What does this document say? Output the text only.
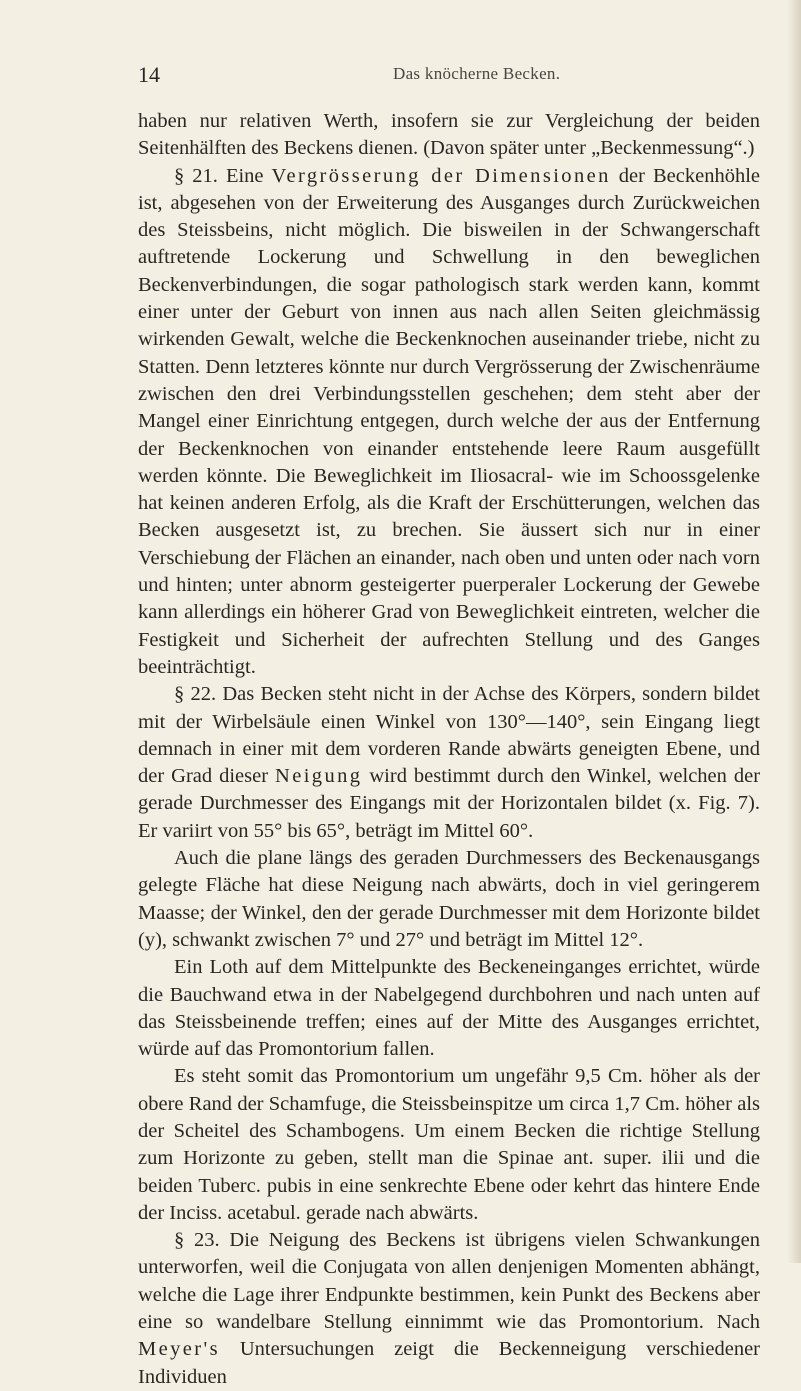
14	Das knöcherne Becken.

haben nur relativen Werth, insofern sie zur Vergleichung der beiden Seitenhälften des Beckens dienen. (Davon später unter „Beckenmessung“.)

§ 21. Eine Vergrösserung der Dimensionen der Beckenhöhle ist, abgesehen von der Erweiterung des Ausganges durch Zurückweichen des Steissbeins, nicht möglich. Die bisweilen in der Schwangerschaft auftretende Lockerung und Schwellung in den beweglichen Beckenverbindungen, die sogar pathologisch stark werden kann, kommt einer unter der Geburt von innen aus nach allen Seiten gleichmässig wirkenden Gewalt, welche die Beckenknochen auseinander triebe, nicht zu Statten. Denn letzteres könnte nur durch Vergrösserung der Zwischenräume zwischen den drei Verbindungsstellen geschehen; dem steht aber der Mangel einer Einrichtung entgegen, durch welche der aus der Entfernung der Beckenknochen von einander entstehende leere Raum ausgefüllt werden könnte. Die Beweglichkeit im Iliosacral- wie im Schoossgelenke hat keinen anderen Erfolg, als die Kraft der Erschütterungen, welchen das Becken ausgesetzt ist, zu brechen. Sie äussert sich nur in einer Verschiebung der Flächen an einander, nach oben und unten oder nach vorn und hinten; unter abnorm gesteigerter puerperaler Lockerung der Gewebe kann allerdings ein höherer Grad von Beweglichkeit eintreten, welcher die Festigkeit und Sicherheit der aufrechten Stellung und des Ganges beeinträchtigt.

§ 22. Das Becken steht nicht in der Achse des Körpers, sondern bildet mit der Wirbelsäule einen Winkel von 130°—140°, sein Eingang liegt demnach in einer mit dem vorderen Rande abwärts geneigten Ebene, und der Grad dieser Neigung wird bestimmt durch den Winkel, welchen der gerade Durchmesser des Eingangs mit der Horizontalen bildet (x. Fig. 7). Er variirt von 55° bis 65°, beträgt im Mittel 60°.

Auch die plane längs des geraden Durchmessers des Beckenausgangs gelegte Fläche hat diese Neigung nach abwärts, doch in viel geringerem Maasse; der Winkel, den der gerade Durchmesser mit dem Horizonte bildet (y), schwankt zwischen 7° und 27° und beträgt im Mittel 12°.

Ein Loth auf dem Mittelpunkte des Beckeneinganges errichtet, würde die Bauchwand etwa in der Nabelgegend durchbohren und nach unten auf das Steissbeinende treffen; eines auf der Mitte des Ausganges errichtet, würde auf das Promontorium fallen.

Es steht somit das Promontorium um ungefähr 9,5 Cm. höher als der obere Rand der Schamfuge, die Steissbeinspitze um circa 1,7 Cm. höher als der Scheitel des Schambogens. Um einem Becken die richtige Stellung zum Horizonte zu geben, stellt man die Spinae ant. super. ilii und die beiden Tuberc. pubis in eine senkrechte Ebene oder kehrt das hintere Ende der Inciss. acetabul. gerade nach abwärts.

§ 23. Die Neigung des Beckens ist übrigens vielen Schwankungen unterworfen, weil die Conjugata von allen denjenigen Momenten abhängt, welche die Lage ihrer Endpunkte bestimmen, kein Punkt des Beckens aber eine so wandelbare Stellung einnimmt wie das Promontorium. Nach Meyer's Untersuchungen zeigt die Beckenneigung verschiedener Individuen
